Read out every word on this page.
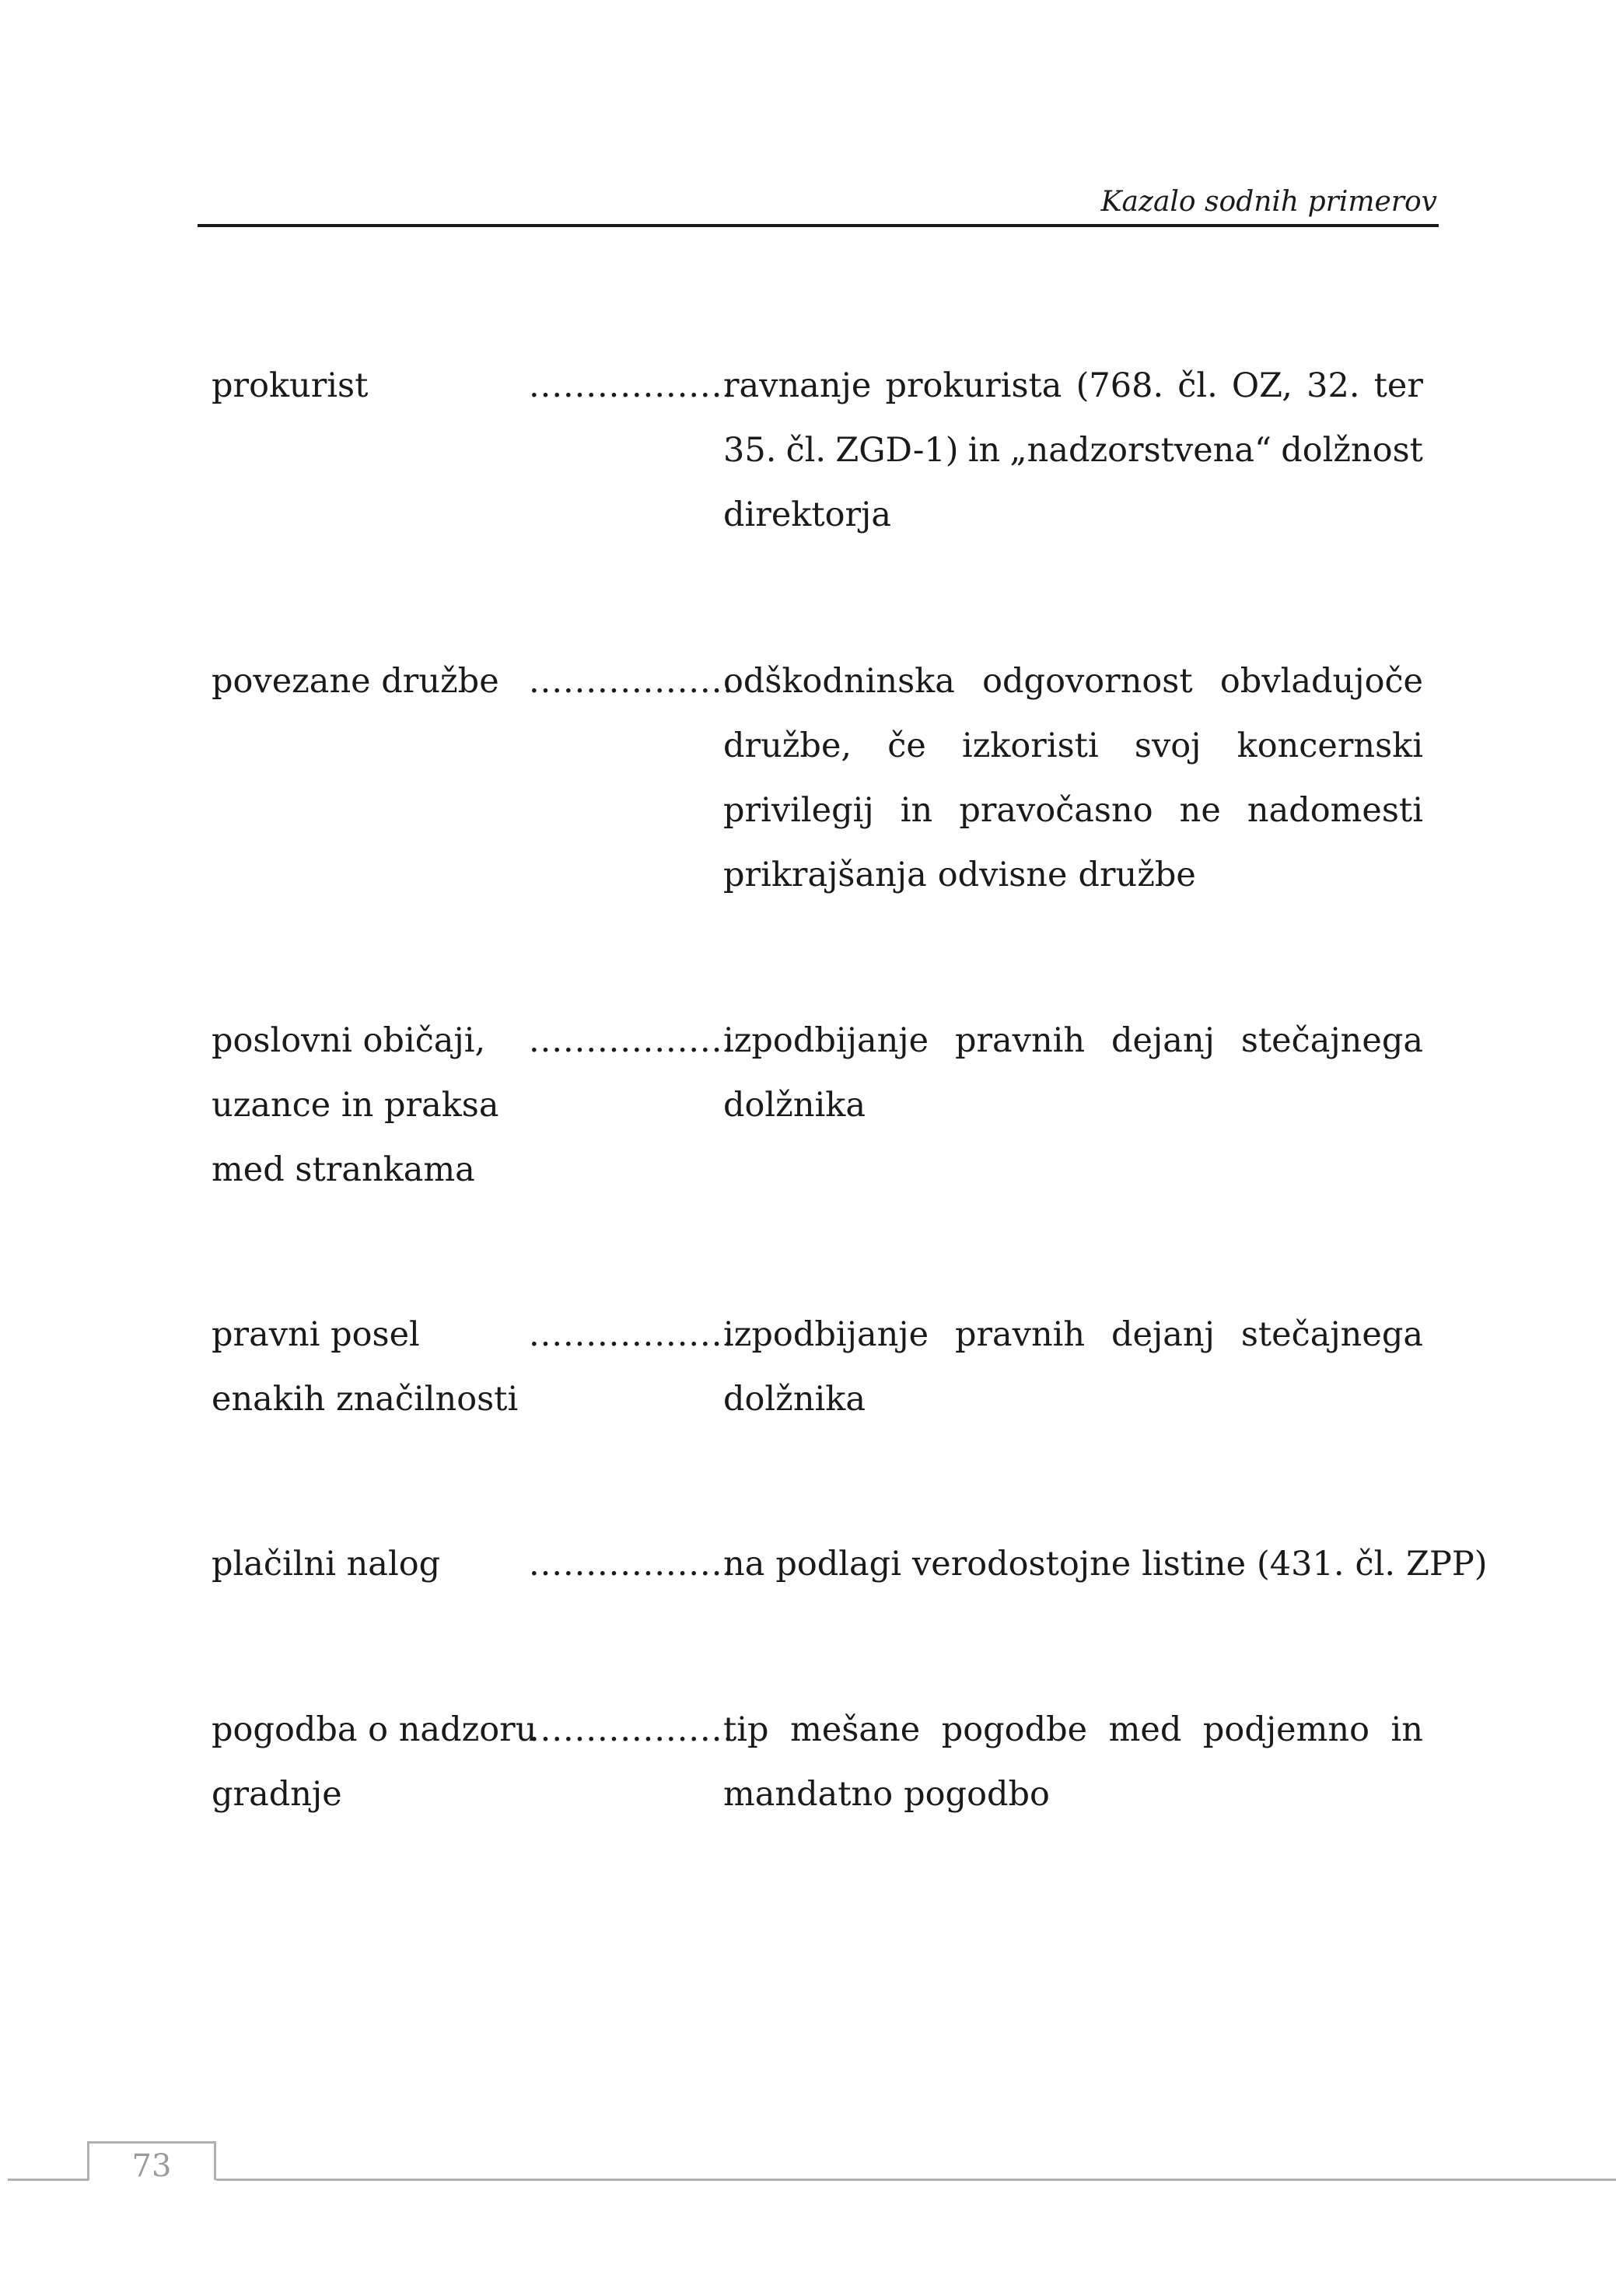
Kazalo sodnih primerov
prokurist	..................
ravnanje prokurista (768. čl. OZ, 32. ter
35. čl. ZGD-1) in „nadzorstvena“ dolžnost
direktorja
povezane družbe ..................
odškodninska odgovornost obvladujoče
družbe, če izkoristi svoj koncernski
privilegij in pravočasno ne nadomesti
prikrajšanja odvisne družbe
poslovni običaji,
uzance in praksa
med strankama
..................
izpodbijanje pravnih dejanj stečajnega
dolžnika
pravni posel
enakih značilnosti
..................
izpodbijanje pravnih dejanj stečajnega
dolžnika
plačilni nalog	..................
na podlagi verodostojne listine (431. čl. ZPP)
pogodba o nadzoru
gradnje
..................
tip mešane pogodbe med podjemno in
mandatno pogodbo
73
